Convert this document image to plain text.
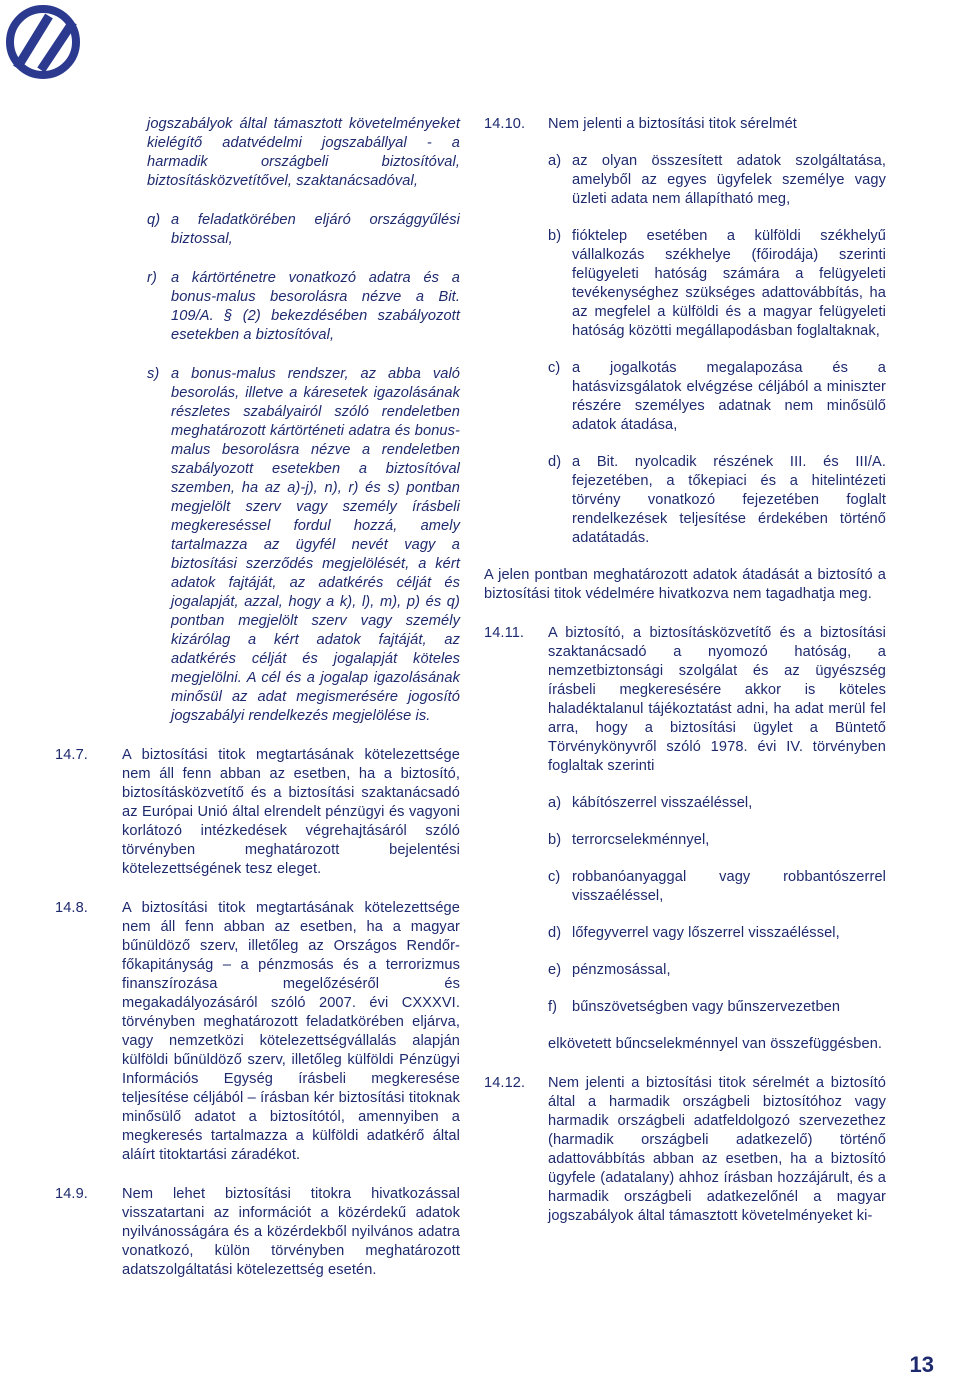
jogszabályok által támasztott követelményeket kielégítő adatvédelmi jogszabállyal - a harmadik országbeli biztosítóval, biztosításközvetítővel, szaktanácsadóval,

q) a feladatkörében eljáró országgyűlési biztossal,

r) a kártörténetre vonatkozó adatra és a bonus-malus besorolásra nézve a Bit. 109/A. § (2) bekezdésében szabályozott esetekben a biztosítóval,

s) a bonus-malus rendszer, az abba való besorolás, illetve a káresetek igazolásának részletes szabályairól szóló rendeletben meghatározott kártörténeti adatra és bonus-malus besorolásra nézve a rendeletben szabályozott esetekben a biztosítóval szemben, ha az a)-j), n), r) és s) pontban megjelölt szerv vagy személy írásbeli megkereséssel fordul hozzá, amely tartalmazza az ügyfél nevét vagy a biztosítási szerződés megjelölését, a kért adatok fajtáját, az adatkérés célját és jogalapját, azzal, hogy a k), l), m), p) és q) pontban megjelölt szerv vagy személy kizárólag a kért adatok fajtáját, az adatkérés célját és jogalapját köteles megjelölni. A cél és a jogalap igazolásának minősül az adat megismerésére jogosító jogszabályi rendelkezés megjelölése is.

14.7. A biztosítási titok megtartásának kötelezettsége nem áll fenn abban az esetben, ha a biztosító, biztosításközvetítő és a biztosítási szaktanácsadó az Európai Unió által elrendelt pénzügyi és vagyoni korlátozó intézkedések végrehajtásáról szóló törvényben meghatározott bejelentési kötelezettségének tesz eleget.

14.8. A biztosítási titok megtartásának kötelezettsége nem áll fenn abban az esetben, ha a magyar bűnüldöző szerv, illetőleg az Országos Rendőr-főkapitányság – a pénzmosás és a terrorizmus finanszírozása megelőzéséről és megakadályozásáról szóló 2007. évi CXXXVI. törvényben meghatározott feladatkörében eljárva, vagy nemzetközi kötelezettségvállalás alapján külföldi bűnüldöző szerv, illetőleg külföldi Pénzügyi Információs Egység írásbeli megkeresése teljesítése céljából – írásban kér biztosítási titoknak minősülő adatot a biztosítótól, amennyiben a megkeresés tartalmazza a külföldi adatkérő által aláírt titoktartási záradékot.

14.9. Nem lehet biztosítási titokra hivatkozással visszatartani az információt a közérdekű adatok nyilvánosságára és a közérdekből nyilvános adatra vonatkozó, külön törvényben meghatározott adatszolgáltatási kötelezettség esetén.

14.10. Nem jelenti a biztosítási titok sérelmét

a) az olyan összesített adatok szolgáltatása, amelyből az egyes ügyfelek személye vagy üzleti adata nem állapítható meg,

b) fióktelep esetében a külföldi székhelyű vállalkozás székhelye (főirodája) szerinti felügyeleti hatóság számára a felügyeleti tevékenységhez szükséges adattovábbítás, ha az megfelel a külföldi és a magyar felügyeleti hatóság közötti megállapodásban foglaltaknak,

c) a jogalkotás megalapozása és a hatásvizsgálatok elvégzése céljából a miniszter részére személyes adatnak nem minősülő adatok átadása,

d) a Bit. nyolcadik részének III. és III/A. fejezetében, a tőkepiaci és a hitelintézeti törvény vonatkozó fejezetében foglalt rendelkezések teljesítése érdekében történő adatátadás.

A jelen pontban meghatározott adatok átadását a biztosító a biztosítási titok védelmére hivatkozva nem tagadhatja meg.

14.11. A biztosító, a biztosításközvetítő és a biztosítási szaktanácsadó a nyomozó hatóság, a nemzetbiztonsági szolgálat és az ügyészség írásbeli megkeresésére akkor is köteles haladéktalanul tájékoztatást adni, ha adat merül fel arra, hogy a biztosítási ügylet a Büntető Törvénykönyvről szóló 1978. évi IV. törvényben foglaltak szerinti

a) kábítószerrel visszaéléssel,

b) terrorcselekménnyel,

c) robbanóanyaggal vagy robbantószerrel visszaéléssel,

d) lőfegyverrel vagy lőszerrel visszaéléssel,

e) pénzmosással,

f) bűnszövetségben vagy bűnszervezetben

elkövetett bűncselekménnyel van összefüggésben.

14.12. Nem jelenti a biztosítási titok sérelmét a biztosító által a harmadik országbeli biztosítóhoz vagy harmadik országbeli adatfeldolgozó szervezethez (harmadik országbeli adatkezelő) történő adattovábbítás abban az esetben, ha a biztosító ügyfele (adatalany) ahhoz írásban hozzájárult, és a harmadik országbeli adatkezelőnél a magyar jogszabályok által támasztott követelményeket ki-

13
